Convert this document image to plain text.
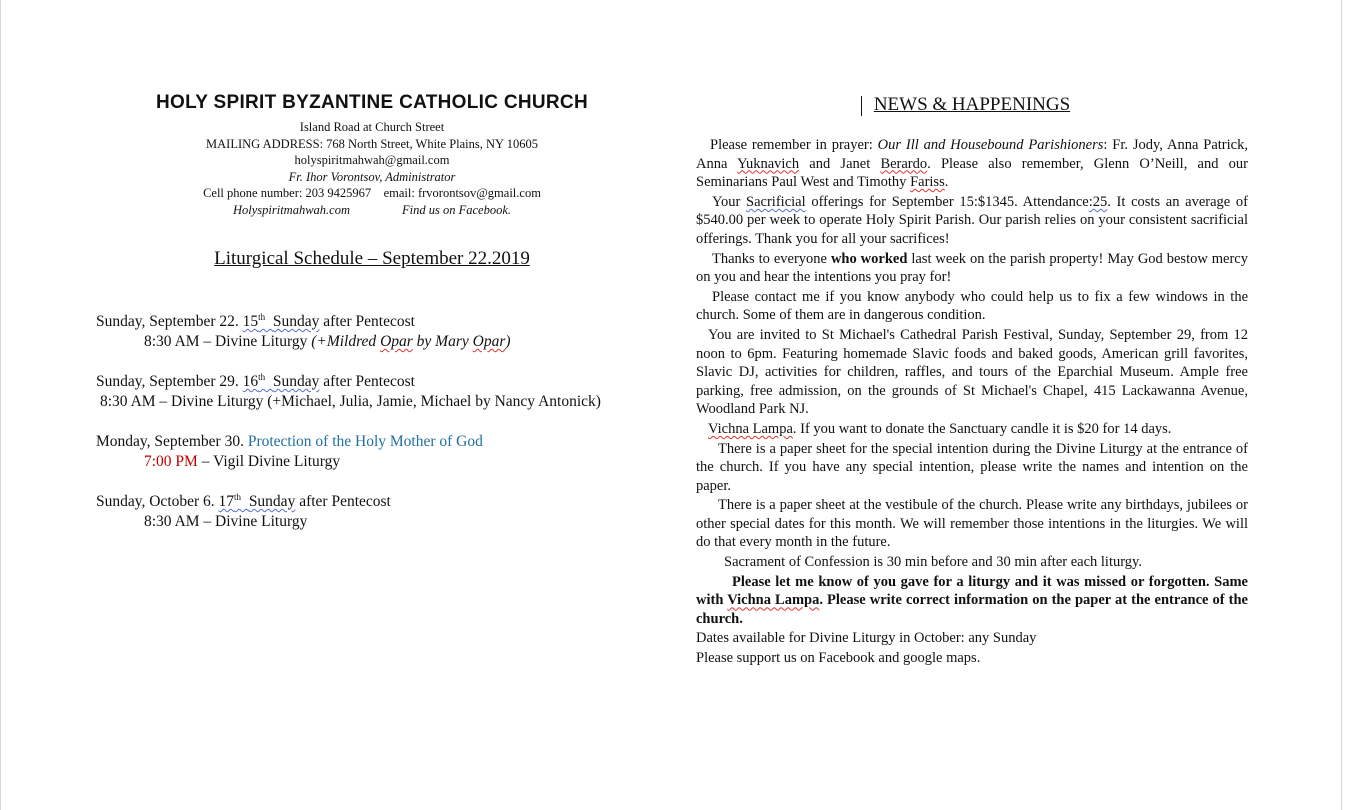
HOLY SPIRIT BYZANTINE CATHOLIC CHURCH
Island Road at Church Street
MAILING ADDRESS: 768 North Street, White Plains, NY 10605
holyspiritmahwah@gmail.com
Fr. Ihor Vorontsov, Administrator
Cell phone number: 203 9425967 email: frvorontsov@gmail.com
Holyspiritmahwah.com	Find us on Facebook.
Liturgical Schedule – September 22.2019
Sunday, September 22. 15th Sunday after Pentecost
8:30 AM – Divine Liturgy (+Mildred Opar by Mary Opar)
Sunday, September 29. 16th Sunday after Pentecost
8:30 AM – Divine Liturgy (+Michael, Julia, Jamie, Michael by Nancy Antonick)
Monday, September 30. Protection of the Holy Mother of God
7:00 PM – Vigil Divine Liturgy
Sunday, October 6. 17th Sunday after Pentecost
8:30 AM – Divine Liturgy
NEWS & HAPPENINGS

Please remember in prayer: Our Ill and Housebound Parishioners: Fr. Jody, Anna Patrick, Anna Yuknavich and Janet Berardo. Please also remember, Glenn O’Neill, and our Seminarians Paul West and Timothy Fariss.

Your Sacrificial offerings for September 15:$1345. Attendance:25. It costs an average of $540.00 per week to operate Holy Spirit Parish. Our parish relies on your consistent sacrificial offerings. Thank you for all your sacrifices!

Thanks to everyone who worked last week on the parish property! May God bestow mercy on you and hear the intentions you pray for!

Please contact me if you know anybody who could help us to fix a few windows in the church. Some of them are in dangerous condition.

You are invited to St Michael's Cathedral Parish Festival, Sunday, September 29, from 12 noon to 6pm. Featuring homemade Slavic foods and baked goods, American grill favorites, Slavic DJ, activities for children, raffles, and tours of the Eparchial Museum. Ample free parking, free admission, on the grounds of St Michael's Chapel, 415 Lackawanna Avenue, Woodland Park NJ.

Vichna Lampa. If you want to donate the Sanctuary candle it is $20 for 14 days.

There is a paper sheet for the special intention during the Divine Liturgy at the entrance of the church. If you have any special intention, please write the names and intention on the paper.

There is a paper sheet at the vestibule of the church. Please write any birthdays, jubilees or other special dates for this month. We will remember those intentions in the liturgies. We will do that every month in the future.

Sacrament of Confession is 30 min before and 30 min after each liturgy.

Please let me know of you gave for a liturgy and it was missed or forgotten. Same with Vichna Lampa. Please write correct information on the paper at the entrance of the church.

Dates available for Divine Liturgy in October: any Sunday

Please support us on Facebook and google maps.
